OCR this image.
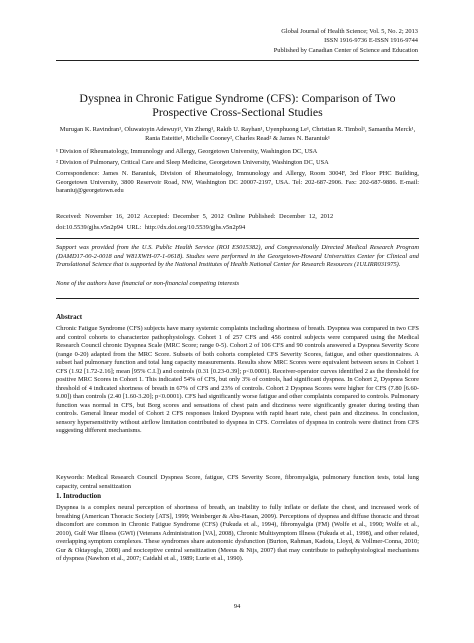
Global Journal of Health Science; Vol. 5, No. 2; 2013
ISSN 1916-9736 E-ISSN 1916-9744
Published by Canadian Center of Science and Education
Dyspnea in Chronic Fatigue Syndrome (CFS): Comparison of Two Prospective Cross-Sectional Studies
Murugan K. Ravindran¹, Oluwatoyin Adewuyi¹, Yin Zheng¹, Rakib U. Rayhan¹, Uyenphuong Le¹, Christian R. Timbol¹, Samantha Merck¹, Rania Esteitie¹, Michelle Cooney², Charles Read² & James N. Baraniuk¹
¹ Division of Rheumatology, Immunology and Allergy, Georgetown University, Washington DC, USA
² Division of Pulmonary, Critical Care and Sleep Medicine, Georgetown University, Washington DC, USA
Correspondence: James N. Baraniuk, Division of Rheumatology, Immunology and Allergy, Room 3004F, 3rd Floor PHC Building, Georgetown University, 3800 Reservoir Road, NW, Washington DC 20007-2197, USA. Tel: 202-687-2906. Fax: 202-687-9886. E-mail: baraniuj@georgetown.edu
Received: November 16, 2012 Accepted: December 5, 2012 Online Published: December 12, 2012
doi:10.5539/gjhs.v5n2p94 URL: http://dx.doi.org/10.5539/gjhs.v5n2p94
Support was provided from the U.S. Public Health Service (ROI ES015382), and Congressionally Directed Medical Research Program (DAMD17-00-2-0018 and W81XWH-07-1-0618). Studies were performed in the Georgetown-Howard Universities Center for Clinical and Translational Science that is supported by the National Institutes of Health National Center for Research Resources (1ULIRR031975).
None of the authors have financial or non-financial competing interests
Abstract
Chronic Fatigue Syndrome (CFS) subjects have many systemic complaints including shortness of breath. Dyspnea was compared in two CFS and control cohorts to characterize pathophysiology. Cohort 1 of 257 CFS and 456 control subjects were compared using the Medical Research Council chronic Dyspnea Scale (MRC Score; range 0-5). Cohort 2 of 106 CFS and 90 controls answered a Dyspnea Severity Score (range 0-20) adapted from the MRC Score. Subsets of both cohorts completed CFS Severity Scores, fatigue, and other questionnaires. A subset had pulmonary function and total lung capacity measurements. Results show MRC Scores were equivalent between sexes in Cohort 1 CFS (1.92 [1.72-2.16]; mean [95% C.I.]) and controls (0.31 [0.23-0.39]; p<0.0001). Receiver-operator curves identified 2 as the threshold for positive MRC Scores in Cohort 1. This indicated 54% of CFS, but only 3% of controls, had significant dyspnea. In Cohort 2, Dyspnea Score threshold of 4 indicated shortness of breath in 67% of CFS and 23% of controls. Cohort 2 Dyspnea Scores were higher for CFS (7.80 [6.60-9.00]) than controls (2.40 [1.60-3.20]; p<0.0001). CFS had significantly worse fatigue and other complaints compared to controls. Pulmonary function was normal in CFS, but Borg scores and sensations of chest pain and dizziness were significantly greater during testing than controls. General linear model of Cohort 2 CFS responses linked Dyspnea with rapid heart rate, chest pain and dizziness. In conclusion, sensory hypersensitivity without airflow limitation contributed to dyspnea in CFS. Correlates of dyspnea in controls were distinct from CFS suggesting different mechanisms.
Keywords: Medical Research Council Dyspnea Score, fatigue, CFS Severity Score, fibromyalgia, pulmonary function tests, total lung capacity, central sensitization
1. Introduction
Dyspnea is a complex neural perception of shortness of breath, an inability to fully inflate or deflate the chest, and increased work of breathing (American Thoracic Society [ATS], 1999; Weinberger & Abu-Hasan, 2009). Perceptions of dyspnea and diffuse thoracic and throat discomfort are common in Chronic Fatigue Syndrome (CFS) (Fukuda et al., 1994), fibromyalgia (FM) (Wolfe et al., 1990; Wolfe et al., 2010), Gulf War Illness (GWI) (Veterans Administration [VA], 2008), Chronic Multisymptom Illness (Fukuda et al., 1998), and other related, overlapping symptom complexes. These syndromes share autonomic dysfunction (Burton, Rahman, Kadota, Lloyd, & Vollmer-Conna, 2010; Gur & Oktayoglu, 2008) and nociceptive central sensitization (Meeus & Nijs, 2007) that may contribute to pathophysiological mechanisms of dyspnea (Nawhon et al., 2007; Caidahl et al., 1989; Lurie et al., 1990).
94
